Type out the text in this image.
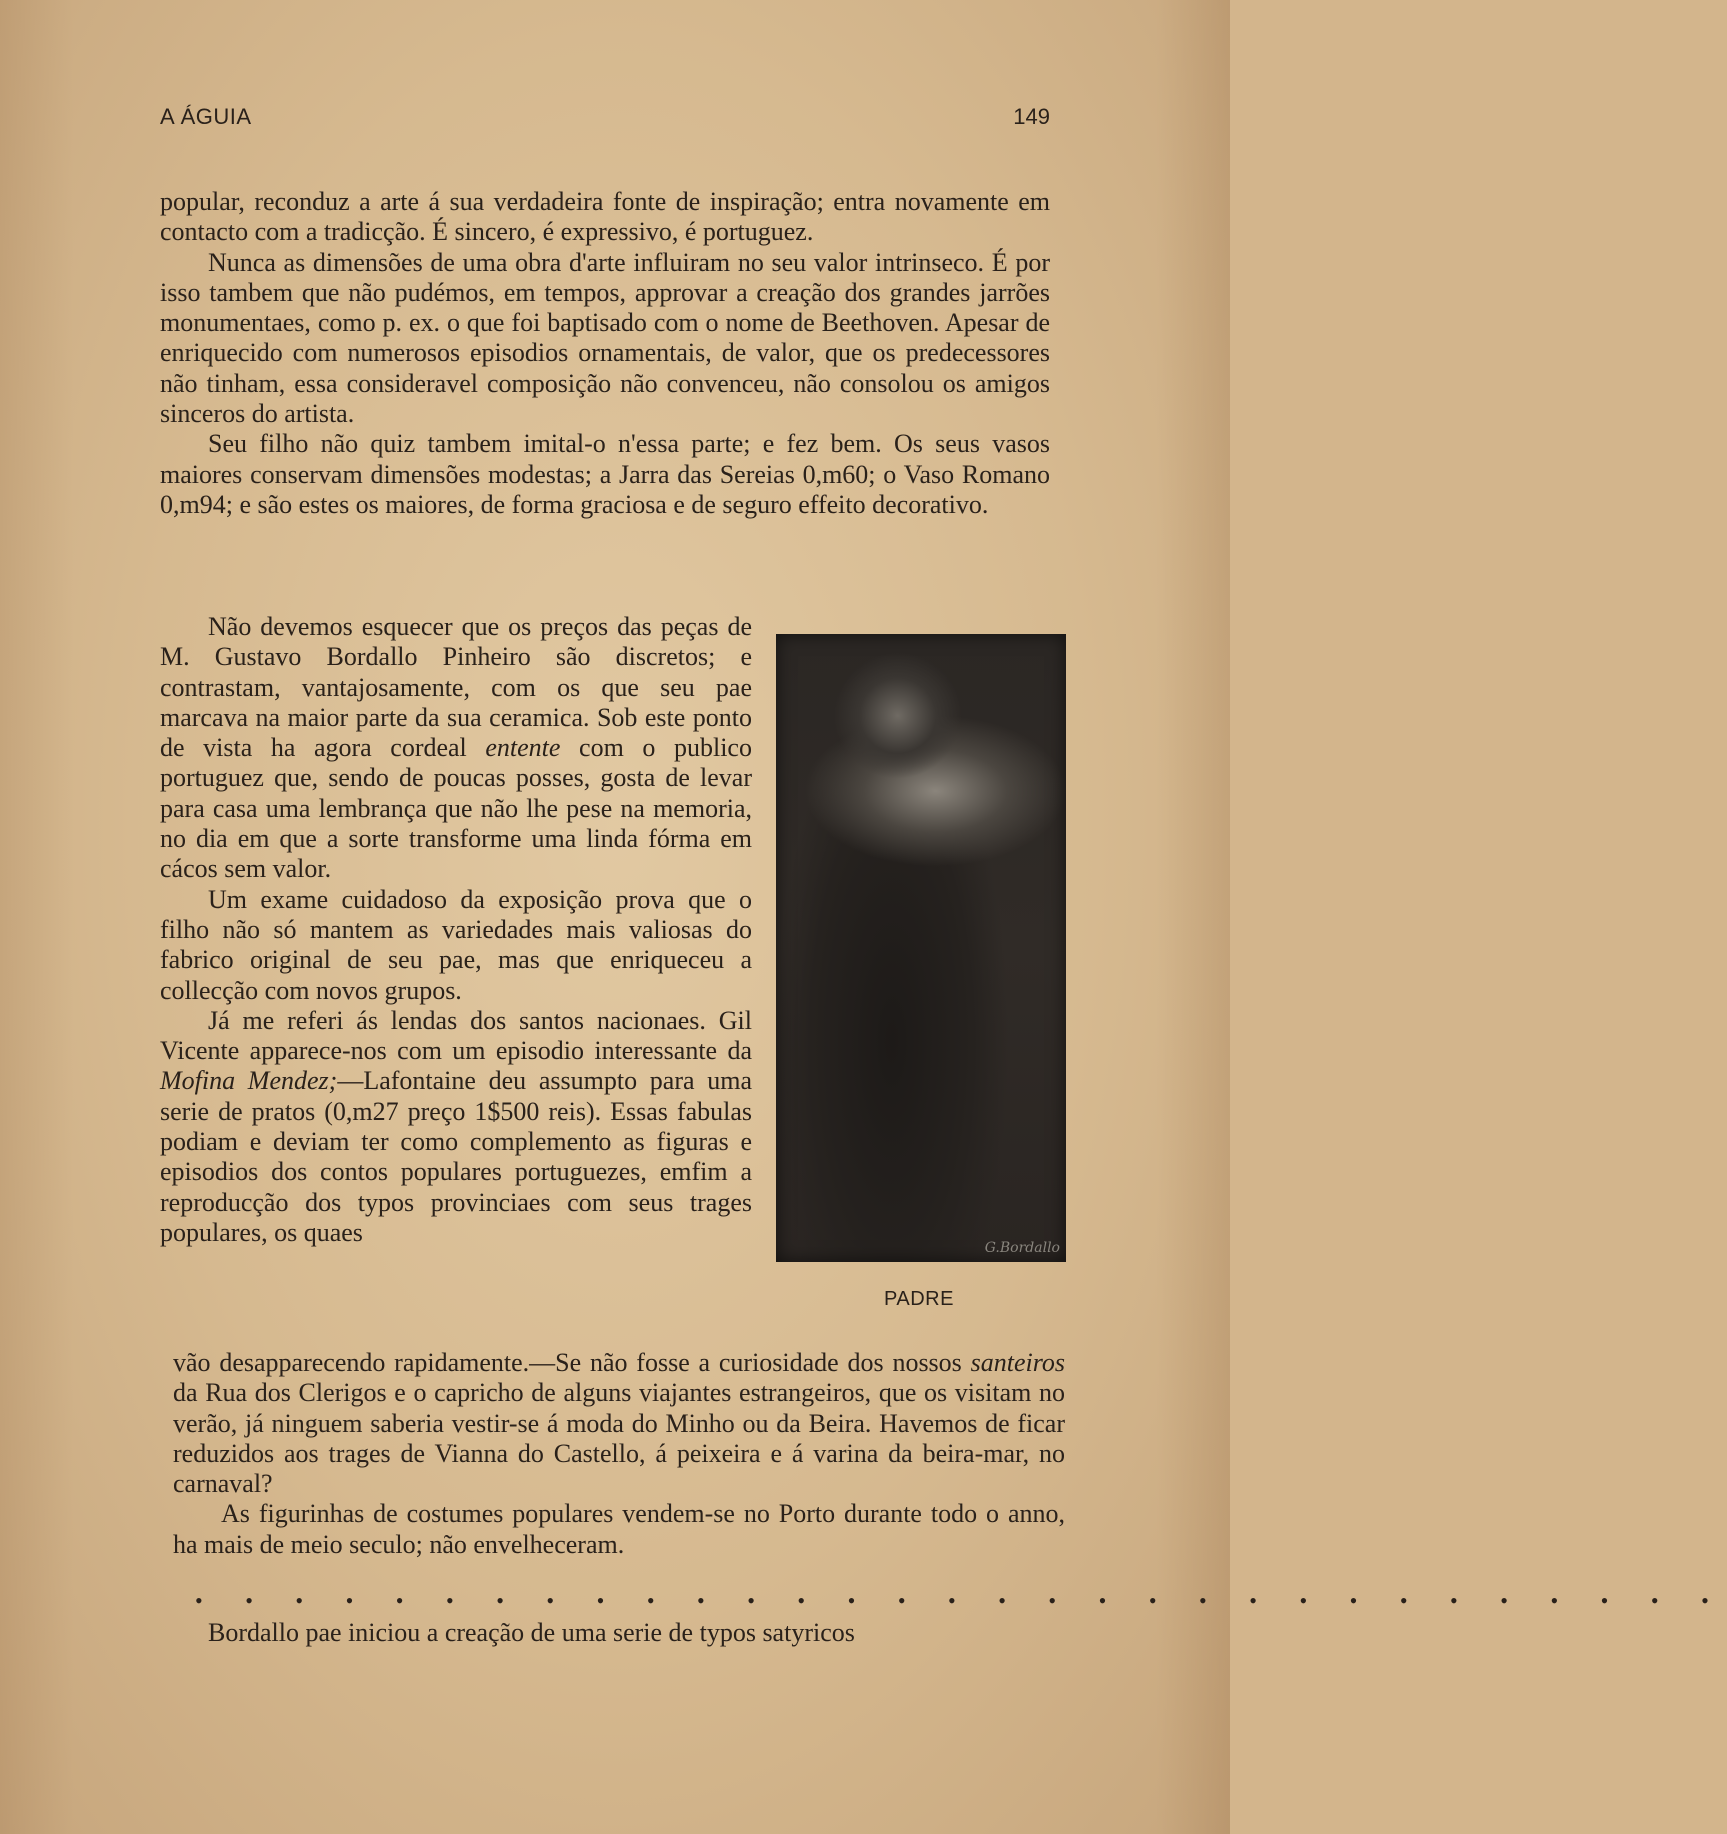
A ÁGUIA	149

popular, reconduz a arte á sua verdadeira fonte de inspiração; entra novamente em contacto com a tradicção. É sincero, é expressivo, é portuguez.

Nunca as dimensões de uma obra d'arte influiram no seu valor intrinseco. É por isso tambem que não pudémos, em tempos, approvar a creação dos grandes jarrões monumentaes, como p. ex. o que foi baptisado com o nome de Beethoven. Apesar de enriquecido com numerosos episodios ornamentais, de valor, que os predecessores não tinham, essa consideravel composição não convenceu, não consolou os amigos sinceros do artista.

Seu filho não quiz tambem imital-o n'essa parte; e fez bem. Os seus vasos maiores conservam dimensões modestas; a Jarra das Sereias 0,m60; o Vaso Romano 0,m94; e são estes os maiores, de forma graciosa e de seguro effeito decorativo.

Não devemos esquecer que os preços das peças de M. Gustavo Bordallo Pinheiro são discretos; e contrastam, vantajosamente, com os que seu pae marcava na maior parte da sua ceramica. Sob este ponto de vista ha agora cordeal entente com o publico portuguez que, sendo de poucas posses, gosta de levar para casa uma lembrança que não lhe pese na memoria, no dia em que a sorte transforme uma linda fórma em cácos sem valor.

Um exame cuidadoso da exposição prova que o filho não só mantem as variedades mais valiosas do fabrico original de seu pae, mas que enriqueceu a collecção com novos grupos.

Já me referi ás lendas dos santos nacionaes. Gil Vicente apparece-nos com um episodio interessante da Mofina Mendez;—Lafontaine deu assumpto para uma serie de pratos (0,m27 preço 1$500 reis). Essas fabulas podiam e deviam ter como complemento as figuras e episodios dos contos populares portuguezes, emfim a reproducção dos typos provinciaes com seus trages populares, os quaes

G.Bordallo
PADRE

vão desapparecendo rapidamente.—Se não fosse a curiosidade dos nossos santeiros da Rua dos Clerigos e o capricho de alguns viajantes estrangeiros, que os visitam no verão, já ninguem saberia vestir-se á moda do Minho ou da Beira. Havemos de ficar reduzidos aos trages de Vianna do Castello, á peixeira e á varina da beira-mar, no carnaval?

As figurinhas de costumes populares vendem-se no Porto durante todo o anno, ha mais de meio seculo; não envelheceram.

• • • • • • • • • • • • • • • • • • • • • • • • • • • • • • •

Bordallo pae iniciou a creação de uma serie de typos satyricos
